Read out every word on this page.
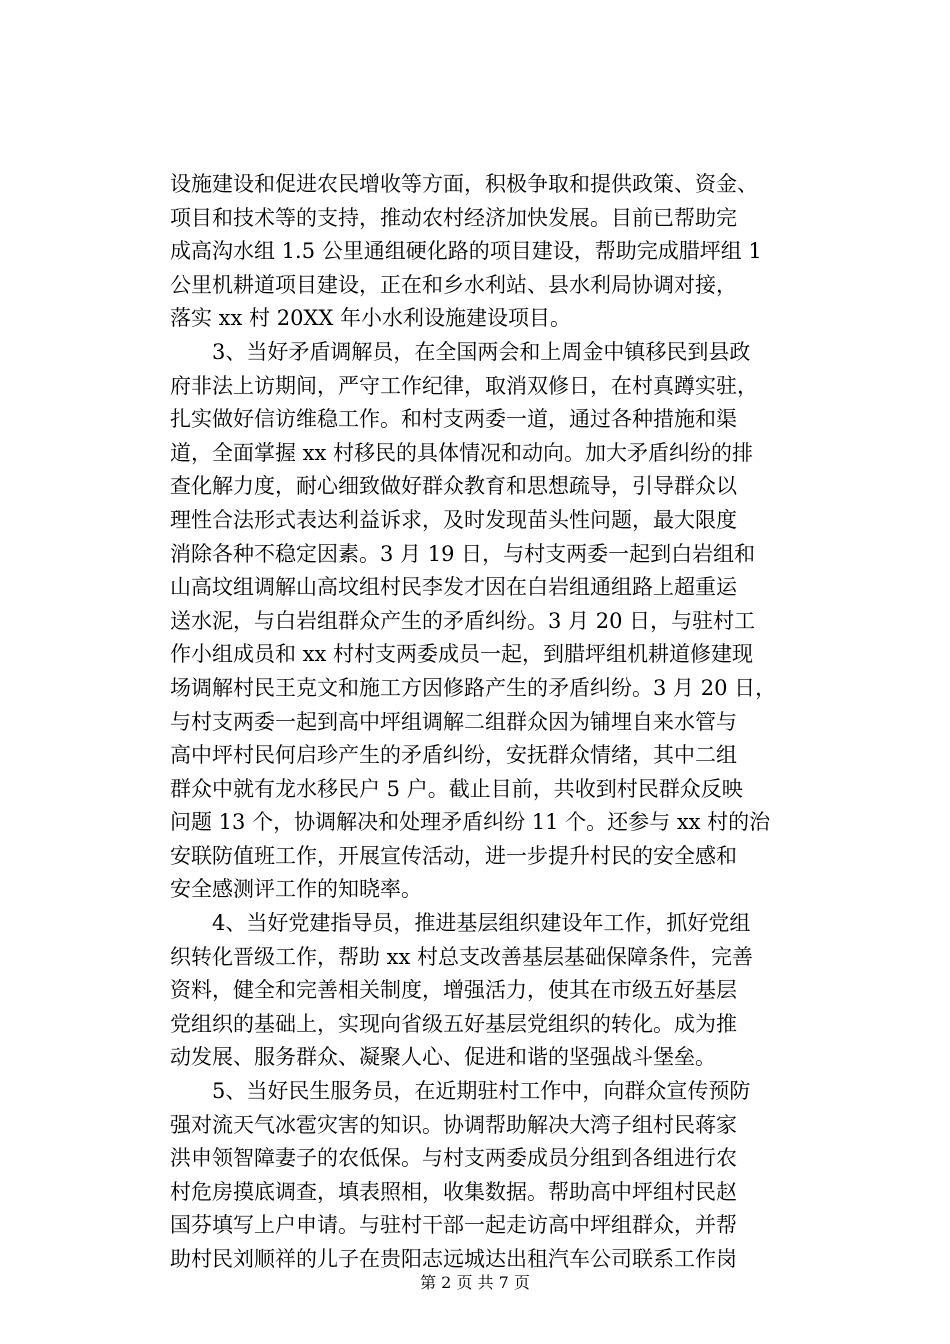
设施建设和促进农民增收等方面，积极争取和提供政策、资金、
项目和技术等的支持，推动农村经济加快发展。目前已帮助完
成高沟水组 1.5 公里通组硬化路的项目建设，帮助完成腊坪组 1
公里机耕道项目建设，正在和乡水利站、县水利局协调对接，
落实 xx 村 20XX 年小水利设施建设项目。
3、当好矛盾调解员，在全国两会和上周金中镇移民到县政
府非法上访期间，严守工作纪律，取消双修日，在村真蹲实驻，
扎实做好信访维稳工作。和村支两委一道，通过各种措施和渠
道，全面掌握 xx 村移民的具体情况和动向。加大矛盾纠纷的排
查化解力度，耐心细致做好群众教育和思想疏导，引导群众以
理性合法形式表达利益诉求，及时发现苗头性问题，最大限度
消除各种不稳定因素。3 月 19 日，与村支两委一起到白岩组和
山高坟组调解山高坟组村民李发才因在白岩组通组路上超重运
送水泥，与白岩组群众产生的矛盾纠纷。3 月 20 日，与驻村工
作小组成员和 xx 村村支两委成员一起，到腊坪组机耕道修建现
场调解村民王克文和施工方因修路产生的矛盾纠纷。3 月 20 日，
与村支两委一起到高中坪组调解二组群众因为铺埋自来水管与
高中坪村民何启珍产生的矛盾纠纷，安抚群众情绪，其中二组
群众中就有龙水移民户 5 户。截止目前，共收到村民群众反映
问题 13 个，协调解决和处理矛盾纠纷 11 个。还参与 xx 村的治
安联防值班工作，开展宣传活动，进一步提升村民的安全感和
安全感测评工作的知晓率。
4、当好党建指导员，推进基层组织建设年工作，抓好党组
织转化晋级工作，帮助 xx 村总支改善基层基础保障条件，完善
资料，健全和完善相关制度，增强活力，使其在市级五好基层
党组织的基础上，实现向省级五好基层党组织的转化。成为推
动发展、服务群众、凝聚人心、促进和谐的坚强战斗堡垒。
5、当好民生服务员，在近期驻村工作中，向群众宣传预防
强对流天气冰雹灾害的知识。协调帮助解决大湾子组村民蒋家
洪申领智障妻子的农低保。与村支两委成员分组到各组进行农
村危房摸底调查，填表照相，收集数据。帮助高中坪组村民赵
国芬填写上户申请。与驻村干部一起走访高中坪组群众，并帮
助村民刘顺祥的儿子在贵阳志远城达出租汽车公司联系工作岗
第 2 页 共 7 页
